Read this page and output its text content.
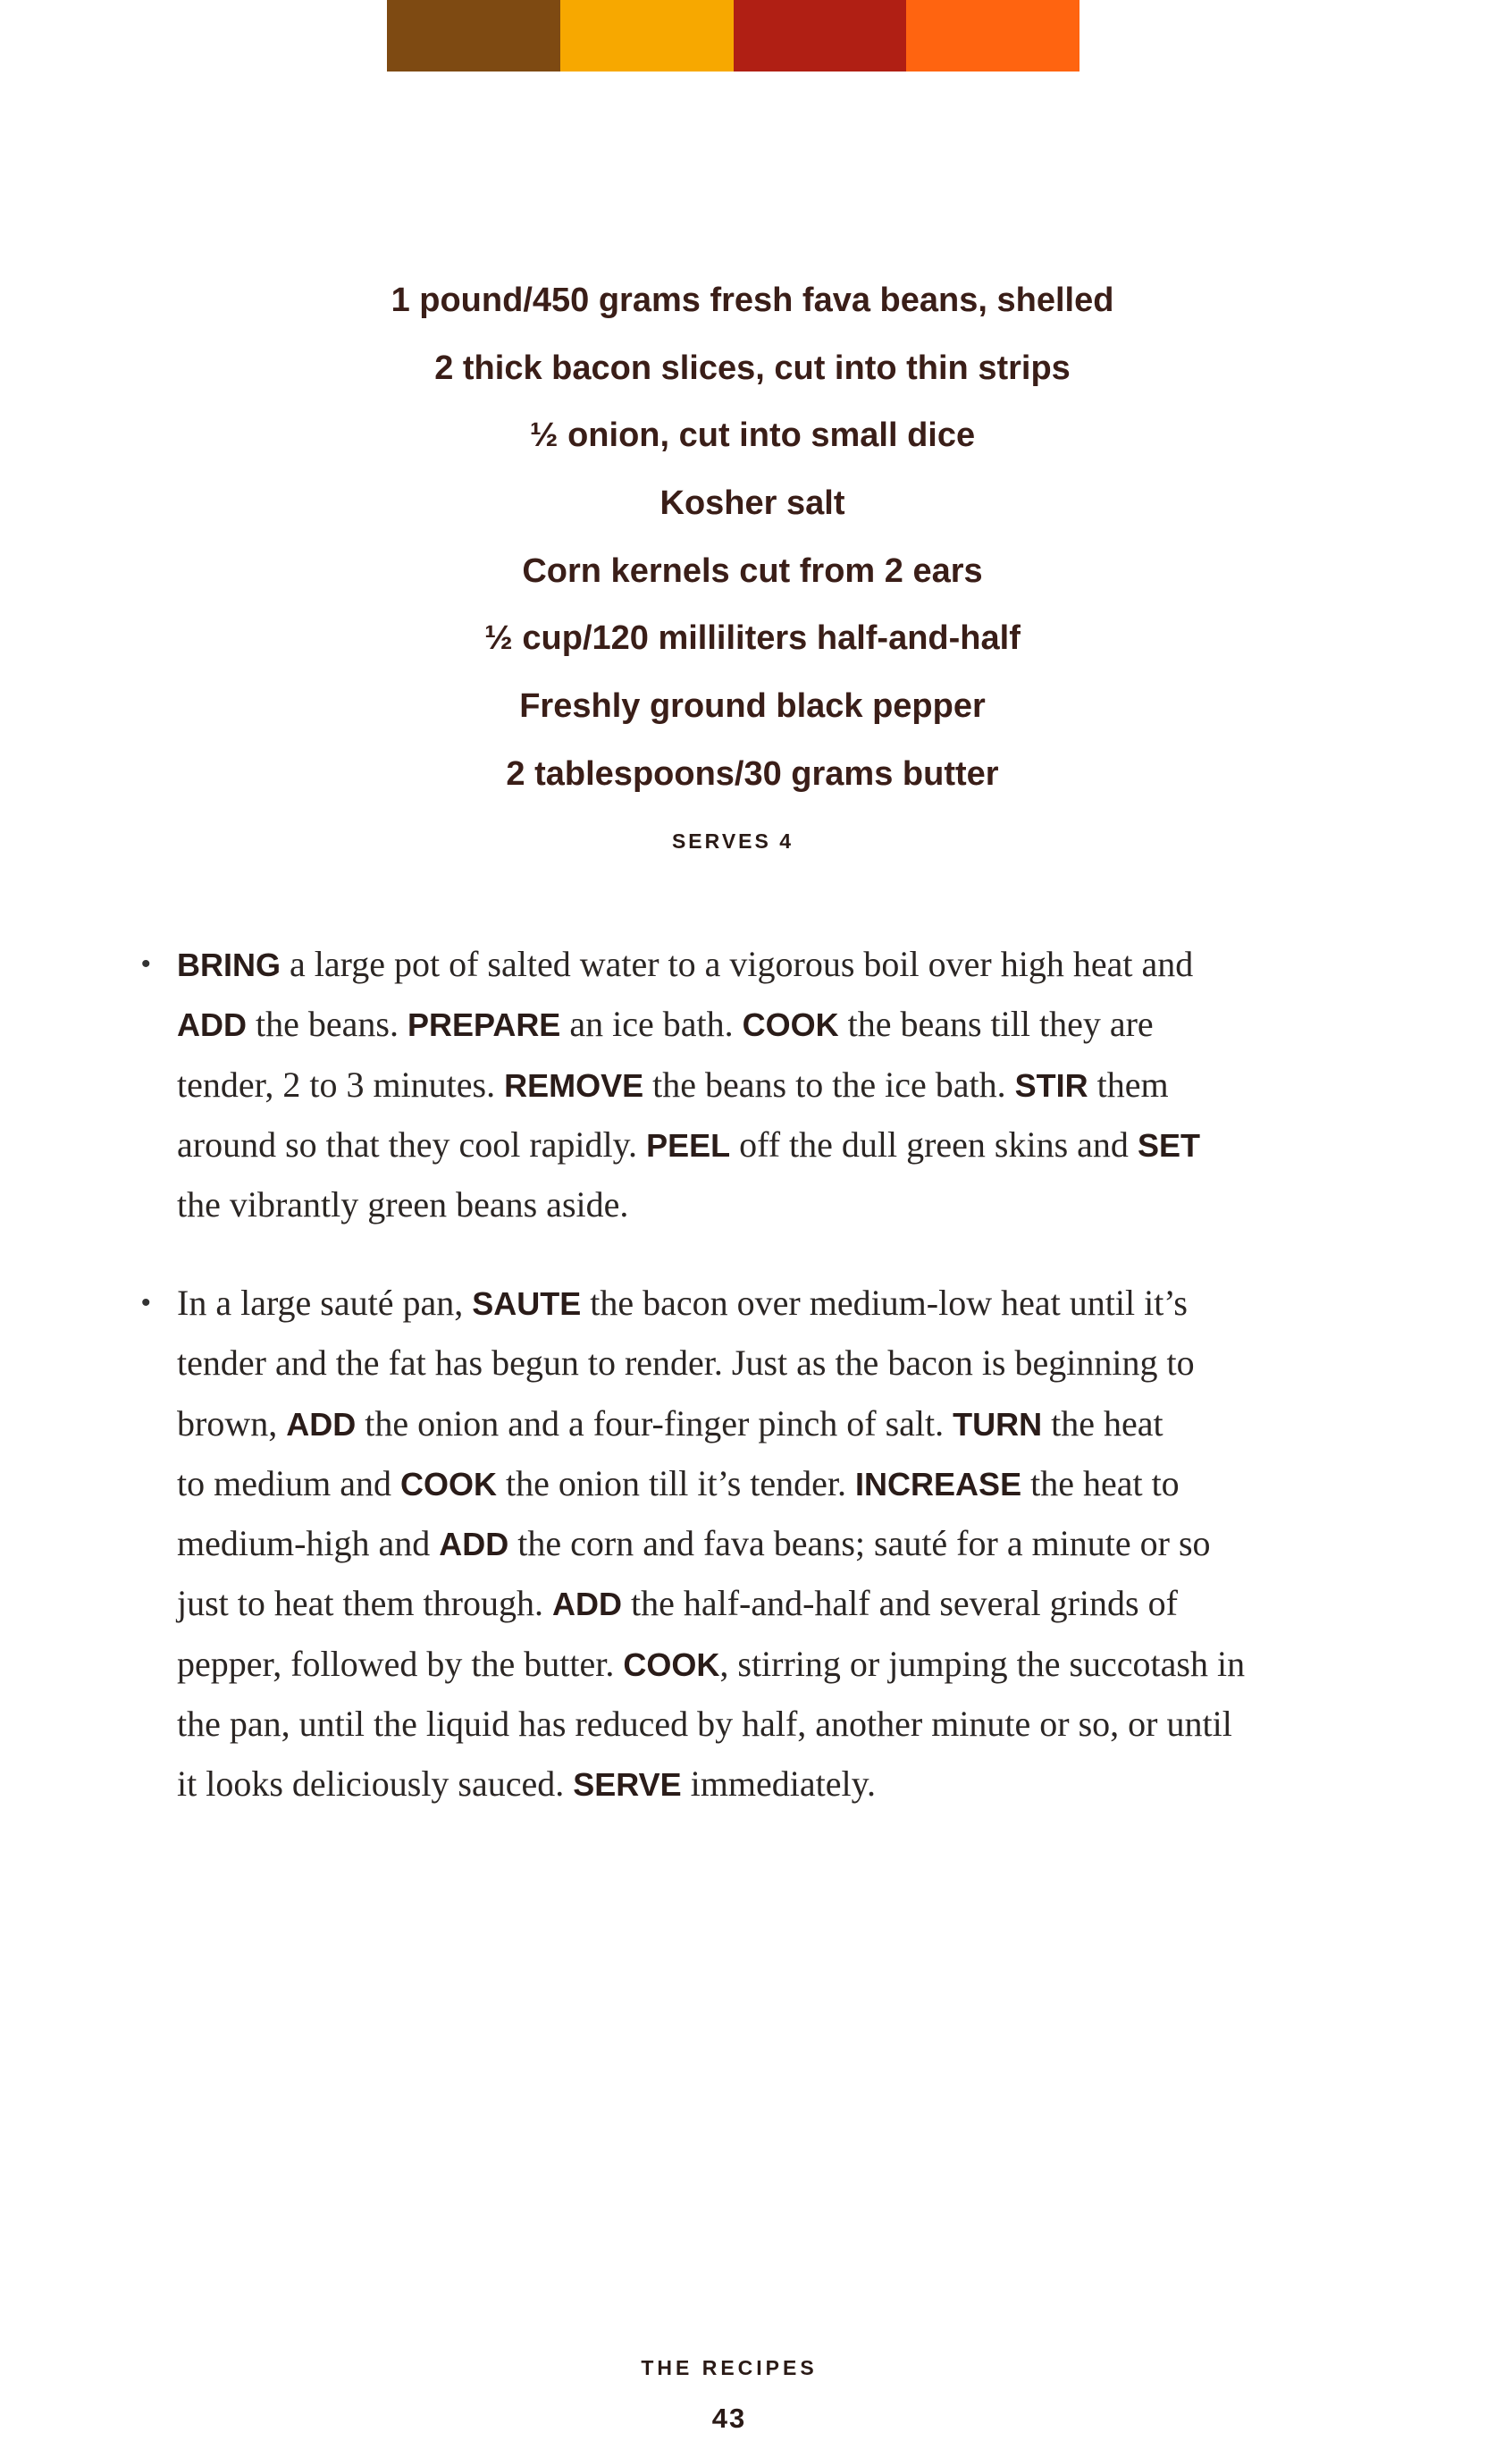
1 pound/450 grams fresh fava beans, shelled
2 thick bacon slices, cut into thin strips
½ onion, cut into small dice
Kosher salt
Corn kernels cut from 2 ears
½ cup/120 milliliters half-and-half
Freshly ground black pepper
2 tablespoons/30 grams butter
SERVES 4
• BRING a large pot of salted water to a vigorous boil over high heat and
ADD the beans. PREPARE an ice bath. COOK the beans till they are
tender, 2 to 3 minutes. REMOVE the beans to the ice bath. STIR them
around so that they cool rapidly. PEEL off the dull green skins and SET
the vibrantly green beans aside.
• In a large sauté pan, SAUTE the bacon over medium-low heat until it’s
tender and the fat has begun to render. Just as the bacon is beginning to
brown, ADD the onion and a four-finger pinch of salt. TURN the heat
to medium and COOK the onion till it’s tender. INCREASE the heat to
medium-high and ADD the corn and fava beans; sauté for a minute or so
just to heat them through. ADD the half-and-half and several grinds of
pepper, followed by the butter. COOK, stirring or jumping the succotash in
the pan, until the liquid has reduced by half, another minute or so, or until
it looks deliciously sauced. SERVE immediately.
THE RECIPES
43
